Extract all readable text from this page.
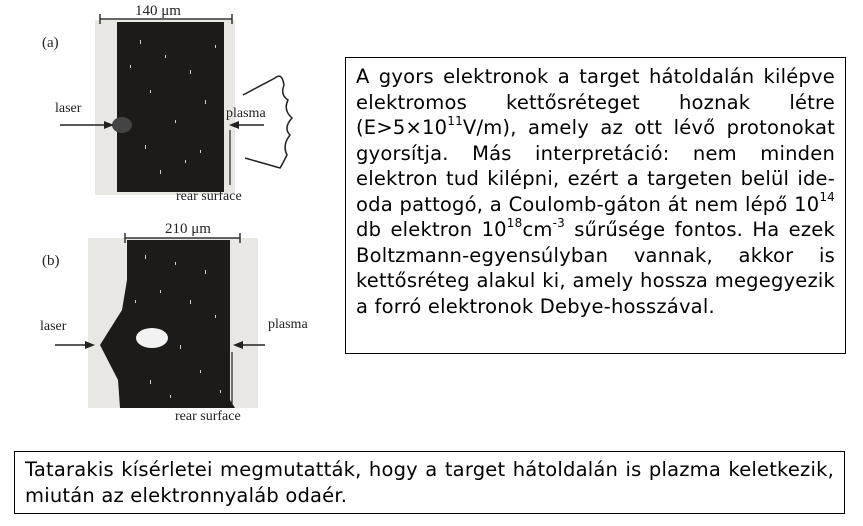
(a)
140 μm
laser	plasma
rear surface
(b)
210 μm
laser	plasma
rear surface
A gyors elektronok a target hátoldalán kilépve elektromos kettősréteget hoznak létre $(E>5\times 10^{11}V/m)$, amely az ott lévő protonokat gyorsítja. Más interpretáció: nem minden elektron tud kilépni, ezért a targeten belül ide-oda pattogó, a Coulomb-gáton át nem lépő $10^{14}$ db elektron $10^{18}cm^{-3}$ sűrűsége fontos. Ha ezek Boltzmann-egyensúlyban vannak, akkor is kettősréteg alakul ki, amely hossza megegyezik a forró elektronok Debye-hosszával.
Tatarakis kísérletei megmutatták, hogy a target hátoldalán is plazma keletkezik, miután az elektronnyaláb odaér.
